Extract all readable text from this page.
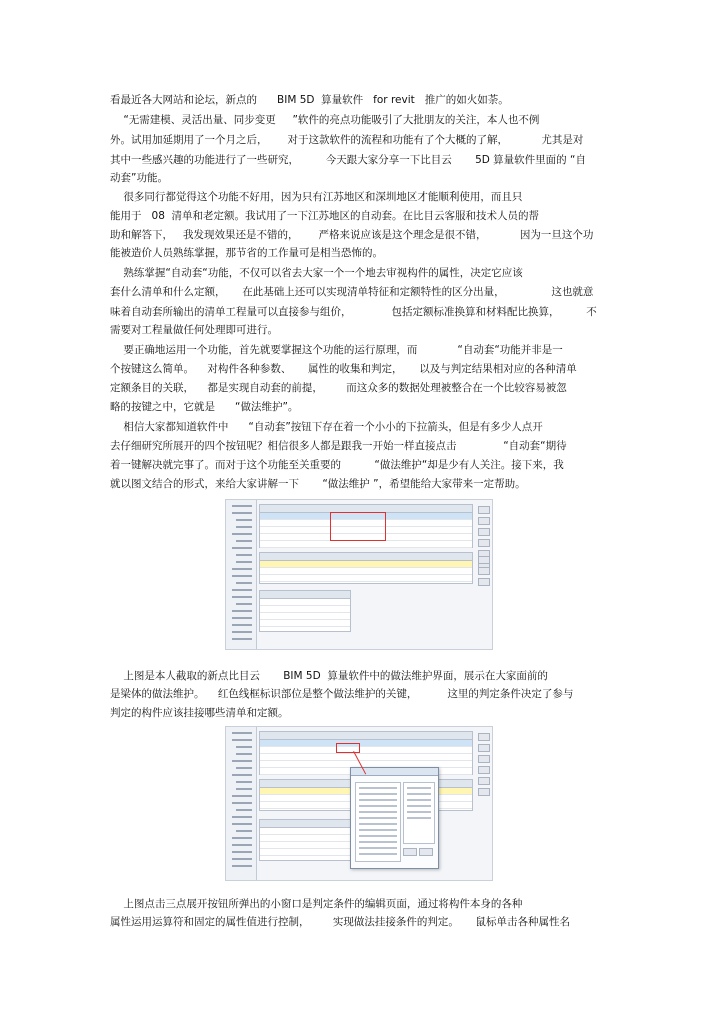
看最近各大网站和论坛，新点的      BIM 5D  算量软件   for revit   推广的如火如荼。
“无需建模、灵活出量、同步变更     ”软件的亮点功能吸引了大批朋友的关注，本人也不例
外。试用加延期用了一个月之后，      对于这款软件的流程和功能有了个大概的了解，          尤其是对
其中一些感兴趣的功能进行了一些研究，        今天跟大家分享一下比目云       5D 算量软件里面的 “自
动套”功能。
很多同行都觉得这个功能不好用，因为只有江苏地区和深圳地区才能顺利使用，而且只
能用于   08  清单和老定额。我试用了一下江苏地区的自动套。在比目云客服和技术人员的帮
助和解答下，   我发现效果还是不错的，      严格来说应该是这个理念是很不错，          因为一旦这个功
能被造价人员熟练掌握，那节省的工作量可是相当恐怖的。
熟练掌握“自动套“功能，不仅可以省去大家一个一个地去审视构件的属性，决定它应该
套什么清单和什么定额，     在此基础上还可以实现清单特征和定额特性的区分出量，              这也就意
味着自动套所输出的清单工程量可以直接参与组价，            包括定额标准换算和材料配比换算，        不
需要对工程量做任何处理即可进行。
要正确地运用一个功能，首先就要掌握这个功能的运行原理，而            “自动套“功能并非是一
个按键这么简单。    对构件各种参数、     属性的收集和判定，     以及与判定结果相对应的各种清单
定额条目的关联，    都是实现自动套的前提，       而这众多的数据处理被整合在一个比较容易被忽
略的按键之中，它就是      “做法维护”。
相信大家都知道软件中      “自动套”按钮下存在着一个小小的下拉箭头，但是有多少人点开
去仔细研究所展开的四个按钮呢？相信很多人都是跟我一开始一样直接点击              “自动套“期待
着一键解决就完事了。而对于这个功能至关重要的          “做法维护“却是少有人关注。接下来，我
就以图文结合的形式，来给大家讲解一下       “做法维护 ”，希望能给大家带来一定帮助。
上图是本人截取的新点比目云       BIM 5D  算量软件中的做法维护界面，展示在大家面前的
是梁体的做法维护。    红色线框标识部位是整个做法维护的关键，         这里的判定条件决定了参与
判定的构件应该挂接哪些清单和定额。
上图点击三点展开按钮所弹出的小窗口是判定条件的编辑页面，通过将构件本身的各种
属性运用运算符和固定的属性值进行控制，       实现做法挂接条件的判定。     鼠标单击各种属性名
